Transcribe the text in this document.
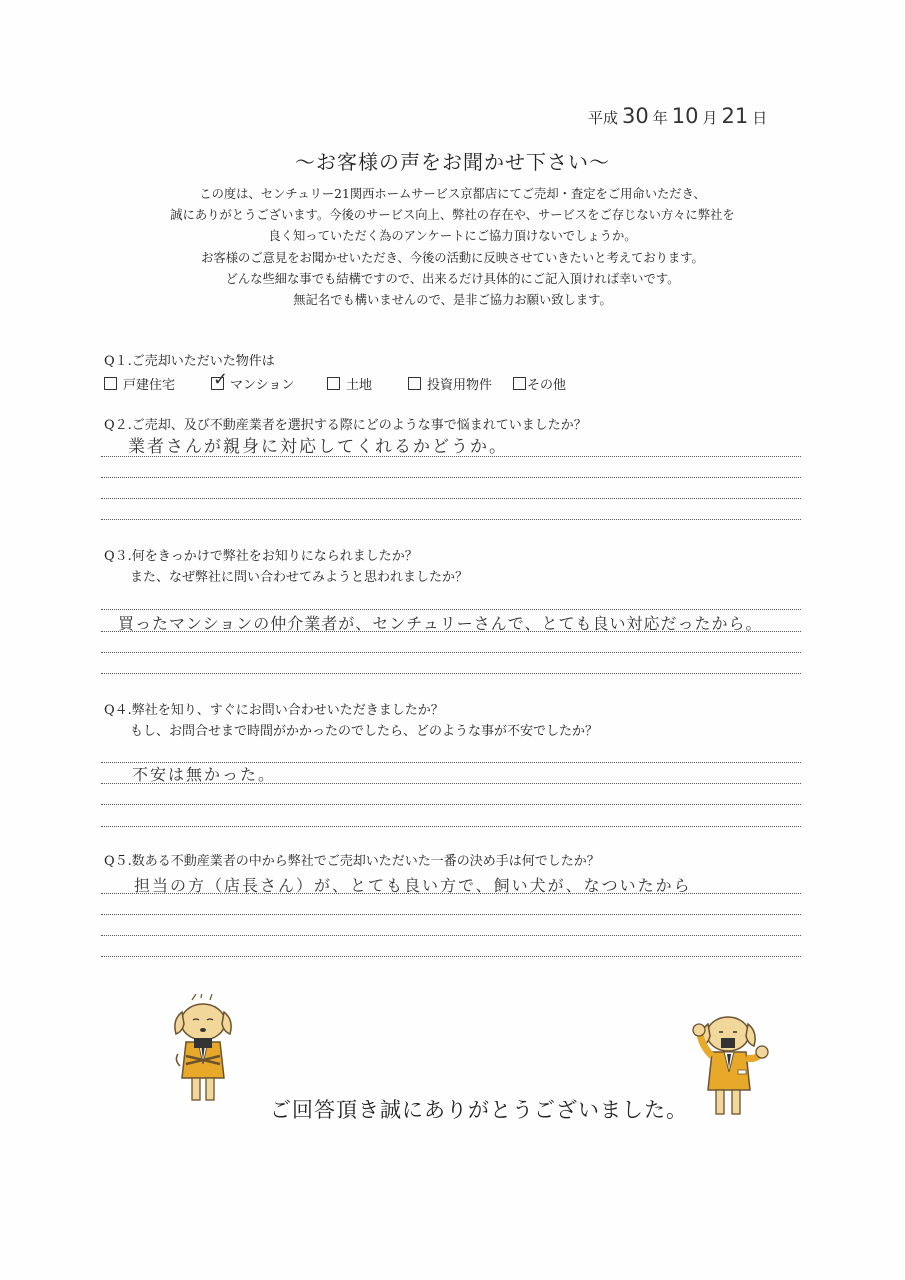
平成 30 年 10 月 21 日
～お客様の声をお聞かせ下さい～
この度は、センチュリー21関西ホームサービス京都店にてご売却・査定をご用命いただき、
誠にありがとうございます。今後のサービス向上、弊社の存在や、サービスをご存じない方々に弊社を
良く知っていただく為のアンケートにご協力頂けないでしょうか。
お客様のご意見をお聞かせいただき、今後の活動に反映させていきたいと考えております。
どんな些細な事でも結構ですので、出来るだけ具体的にご記入頂ければ幸いです。
無記名でも構いませんので、是非ご協力お願い致します。
Q１.ご売却いただいた物件は
戸建住宅 ✓ マンション	土地	投資用物件	その他
Q２.ご売却、及び不動産業者を選択する際にどのような事で悩まれていましたか？
業者さんが親身に対応してくれるかどうか。
Q３.何をきっかけで弊社をお知りになられましたか？
また、なぜ弊社に問い合わせてみようと思われましたか？
買ったマンションの仲介業者が、センチュリーさんで、とても良い対応だったから。
Q４.弊社を知り、すぐにお問い合わせいただきましたか？
もし、お問合せまで時間がかかったのでしたら、どのような事が不安でしたか？
不安は無かった。
Q５.数ある不動産業者の中から弊社でご売却いただいた一番の決め手は何でしたか？
担当の方（店長さん）が、とても良い方で、飼い犬が、なついたから
ご回答頂き誠にありがとうございました。
